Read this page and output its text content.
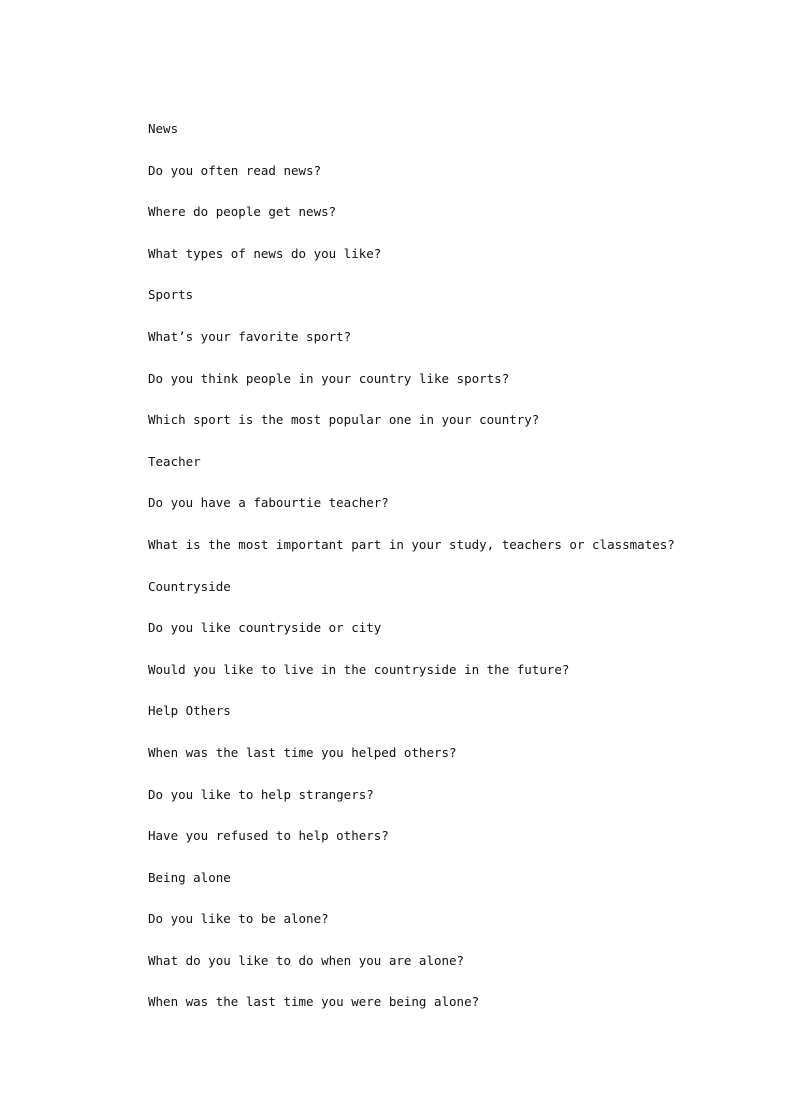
News
Do you often read news?
Where do people get news?
What types of news do you like?
Sports
What’s your favorite sport?
Do you think people in your country like sports?
Which sport is the most popular one in your country?
Teacher
Do you have a fabourtie teacher?
What is the most important part in your study, teachers or classmates?
Countryside
Do you like countryside or city
Would you like to live in the countryside in the future?
Help Others
When was the last time you helped others?
Do you like to help strangers?
Have you refused to help others?
Being alone
Do you like to be alone?
What do you like to do when you are alone?
When was the last time you were being alone?
